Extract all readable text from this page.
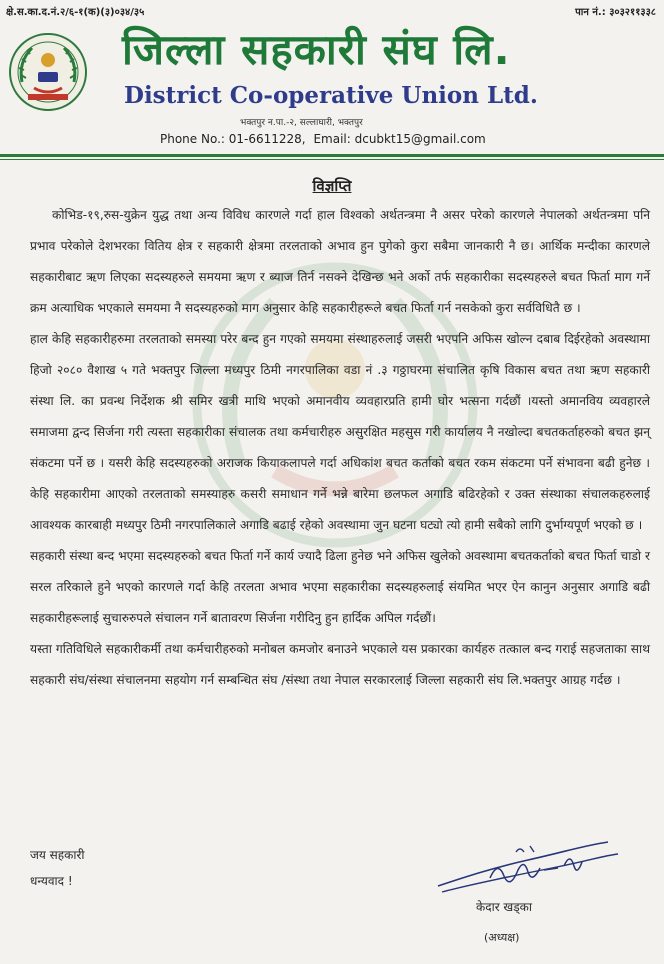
क्षे.स.का.द.नं.२/६-१(क)(३)०३४/३५	पान नं.: ३०३२११३३८
जिल्ला सहकारी संघ लि.
District Co-operative Union Ltd.
भक्तपुर न.पा.-२, सल्लाघारी, भक्तपुर
Phone No.: 01-6611228, Email: dcubkt15@gmail.com
विज्ञप्ति

कोभिड-१९,रुस-युक्रेन युद्ध तथा अन्य विविध कारणले गर्दा हाल विश्वको अर्थतन्त्रमा नै असर परेको कारणले नेपालको अर्थतन्त्रमा पनि प्रभाव परेकोले देशभरका वितिय क्षेत्र र सहकारी क्षेत्रमा तरलताको अभाव हुन पुगेको कुरा सबैमा जानकारी नै छ। आर्थिक मन्दीका कारणले सहकारीबाट ऋण लिएका सदस्यहरुले समयमा ऋण र ब्याज तिर्न नसक्ने देखिन्छ भने अर्को तर्फ सहकारीका सदस्यहरुले बचत फिर्ता माग गर्ने क्रम अत्याधिक भएकाले समयमा नै सदस्यहरुको माग अनुसार केहि सहकारीहरूले बचत फिर्ता गर्न नसकेको कुरा सर्वविधितै छ ।

हाल केहि सहकारीहरुमा तरलताको समस्या परेर बन्द हुन गएको समयमा संस्थाहरुलाई जसरी भएपनि अफिस खोल्न दबाब दिईरहेको अवस्थामा हिजो २०८० वैशाख ५ गते भक्तपुर जिल्ला मध्यपुर ठिमी नगरपालिका वडा नं .३ गठ्ठाघरमा संचालित कृषि विकास बचत तथा ऋण सहकारी संस्था लि. का प्रवन्ध निर्देशक श्री समिर खत्री माथि भएको अमानवीय व्यवहारप्रति हामी घोर भत्सना गर्दछौं ।यस्तो अमानविय व्यवहारले समाजमा द्वन्द सिर्जना गरी त्यस्ता सहकारीका संचालक तथा कर्मचारीहरु असुरक्षित महसुस गरी कार्यालय नै नखोल्दा बचतकर्ताहरुको बचत झन् संकटमा पर्ने छ । यसरी केहि सदस्यहरुको अराजक कियाकलापले गर्दा अधिकांश बचत कर्ताको बचत रकम संकटमा पर्ने संभावना बढी हुनेछ ।केहि सहकारीमा आएको तरलताको समस्याहरु कसरी समाधान गर्ने भन्ने बारेमा छलफल अगाडि बढिरहेको र उक्त संस्थाका संचालकहरुलाई आवश्यक कारबाही मध्यपुर ठिमी नगरपालिकाले अगाडि बढाई रहेको अवस्थामा जुन घटना घट्यो त्यो हामी सबैको लागि दुर्भाग्यपूर्ण भएको छ ।

सहकारी संस्था बन्द भएमा सदस्यहरुको बचत फिर्ता गर्ने कार्य ज्यादै ढिला हुनेछ भने अफिस खुलेको अवस्थामा बचतकर्ताको बचत फिर्ता चाडो र सरल तरिकाले हुने भएको कारणले गर्दा केहि तरलता अभाव भएमा सहकारीका सदस्यहरुलाई संयमित भएर ऐन कानुन अनुसार अगाडि बढी सहकारीहरूलाई सुचारुरुपले संचालन गर्ने बातावरण सिर्जना गरीदिनु हुन हार्दिक अपिल गर्दछौं।

यस्ता गतिविधिले सहकारीकर्मी तथा कर्मचारीहरुको मनोबल कमजोर बनाउने भएकाले यस प्रकारका कार्यहरु तत्काल बन्द गराई सहजताका साथ सहकारी संघ/संस्था संचालनमा सहयोग गर्न सम्बन्धित संघ /संस्था तथा नेपाल सरकारलाई जिल्ला सहकारी संघ लि.भक्तपुर आग्रह गर्दछ ।

जय सहकारी
धन्यवाद !
केदार खड्का
(अध्यक्ष)
